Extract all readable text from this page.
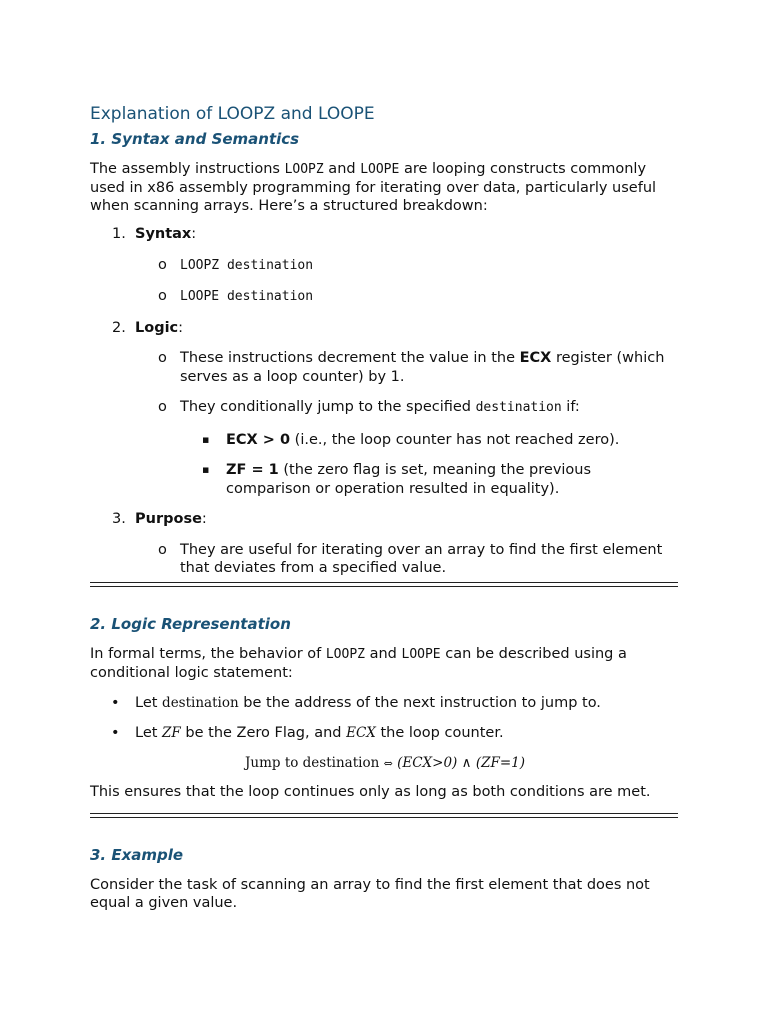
Explanation of LOOPZ and LOOPE
1. Syntax and Semantics

The assembly instructions LOOPZ and LOOPE are looping constructs commonly used in x86 assembly programming for iterating over data, particularly useful when scanning arrays. Here’s a structured breakdown:

1. Syntax:
o LOOPZ destination
o LOOPE destination
2. Logic:
o These instructions decrement the value in the ECX register (which serves as a loop counter) by 1.
o They conditionally jump to the specified destination if:
▪ ECX > 0 (i.e., the loop counter has not reached zero).
▪ ZF = 1 (the zero flag is set, meaning the previous comparison or operation resulted in equality).
3. Purpose:
o They are useful for iterating over an array to find the first element that deviates from a specified value.
2. Logic Representation

In formal terms, the behavior of LOOPZ and LOOPE can be described using a conditional logic statement:

• Let destination be the address of the next instruction to jump to.
• Let ZF be the Zero Flag, and ECX the loop counter.
Jump to destination ⇔ (ECX>0) ∧ (ZF=1)

This ensures that the loop continues only as long as both conditions are met.

3. Example

Consider the task of scanning an array to find the first element that does not equal a given value.
